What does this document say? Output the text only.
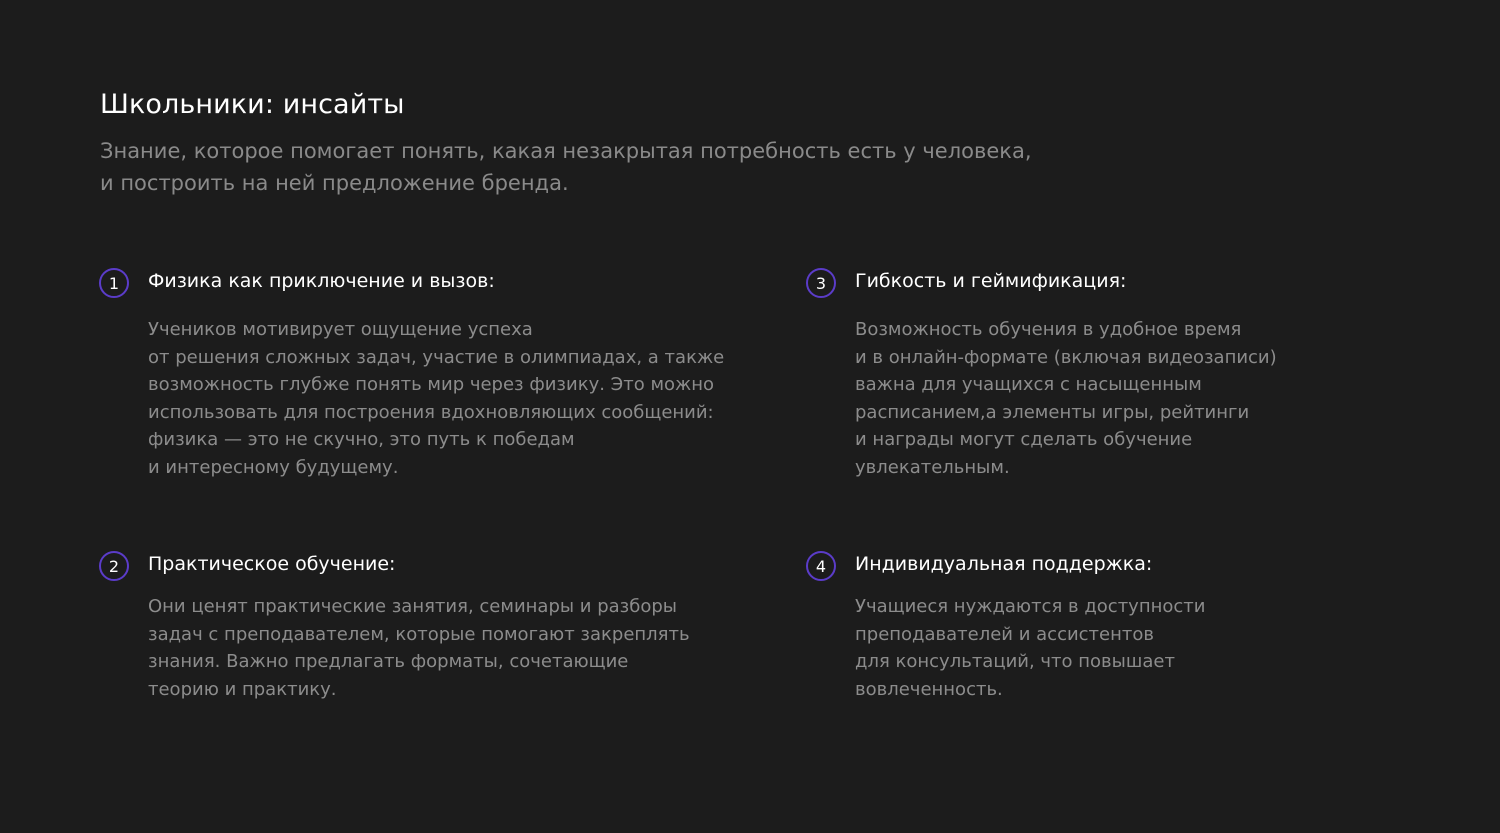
Школьники: инсайты
Знание, которое помогает понять, какая незакрытая потребность есть у человека,
и построить на ней предложение бренда.
1	Физика как приключение и вызов:
Учеников мотивирует ощущение успеха
от решения сложных задач, участие в олимпиадах, а также
возможность глубже понять мир через физику. Это можно
использовать для построения вдохновляющих сообщений:
физика — это не скучно, это путь к победам
и интересному будущему.
2	Практическое обучение:
Они ценят практические занятия, семинары и разборы
задач с преподавателем, которые помогают закреплять
знания. Важно предлагать форматы, сочетающие
теорию и практику.
3	Гибкость и геймификация:
Возможность обучения в удобное время
и в онлайн-формате (включая видеозаписи)
важна для учащихся с насыщенным
расписанием,а элементы игры, рейтинги
и награды могут сделать обучение
увлекательным.
4	Индивидуальная поддержка:
Учащиеся нуждаются в доступности
преподавателей и ассистентов
для консультаций, что повышает
вовлеченность.
